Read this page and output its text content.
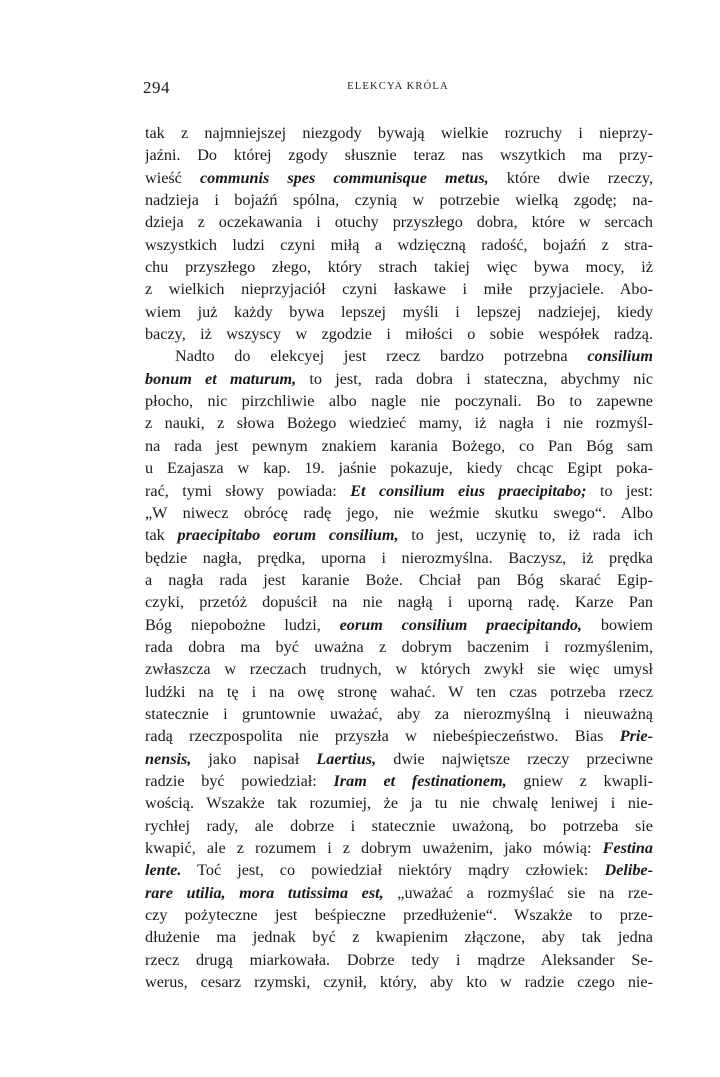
294	ELEKCYA KRÓLA
tak z najmniejszej niezgody bywają wielkie rozruchy i nieprzy-
jaźni. Do której zgody słusznie teraz nas wszytkich ma przy-
wieść communis spes communisque metus, które dwie rzeczy,
nadzieja i bojaźń spólna, czynią w potrzebie wielką zgodę; na-
dzieja z oczekawania i otuchy przyszłego dobra, które w sercach
wszystkich ludzi czyni miłą a wdzięczną radość, bojaźń z stra-
chu przyszłego złego, który strach takiej więc bywa mocy, iż
z wielkich nieprzyjaciół czyni łaskawe i miłe przyjaciele. Abo-
wiem już każdy bywa lepszej myśli i lepszej nadziejej, kiedy
baczy, iż wszyscy w zgodzie i miłości o sobie wespółek radzą.
Nadto do elekcyej jest rzecz bardzo potrzebna consilium
bonum et maturum, to jest, rada dobra i stateczna, abychmy nic
płocho, nic pirzchliwie albo nagle nie poczynali. Bo to zapewne
z nauki, z słowa Bożego wiedzieć mamy, iż nagła i nie rozmyśl-
na rada jest pewnym znakiem karania Bożego, co Pan Bóg sam
u Ezajasza w kap. 19. jaśnie pokazuje, kiedy chcąc Egipt poka-
rać, tymi słowy powiada: Et consilium eius praecipitabo; to jest:
„W niwecz obrócę radę jego, nie weźmie skutku swego“. Albo
tak praecipitabo eorum consilium, to jest, uczynię to, iż rada ich
będzie nagła, prędka, uporna i nierozmyślna. Baczysz, iż prędka
a nagła rada jest karanie Boże. Chciał pan Bóg skarać Egip-
czyki, przetóż dopuścił na nie nagłą i uporną radę. Karze Pan
Bóg niepobożne ludzi, eorum consilium praecipitando, bowiem
rada dobra ma być uważna z dobrym baczenim i rozmyślenim,
zwłaszcza w rzeczach trudnych, w których zwykł sie więc umysł
ludźki na tę i na owę stronę wahać. W ten czas potrzeba rzecz
statecznie i gruntownie uważać, aby za nierozmyślną i nieuważną
radą rzeczpospolita nie przyszła w niebeśpieczeństwo. Bias Prie-
nensis, jako napisał Laertius, dwie najwiętsze rzeczy przeciwne
radzie być powiedział: Iram et festinationem, gniew z kwapli-
wością. Wszakże tak rozumiej, że ja tu nie chwalę leniwej i nie-
rychłej rady, ale dobrze i statecznie uważoną, bo potrzeba sie
kwapić, ale z rozumem i z dobrym uważenim, jako mówią: Festina
lente. Toć jest, co powiedział niektóry mądry człowiek: Delibe-
rare utilia, mora tutissima est, „uważać a rozmyślać sie na rze-
czy pożyteczne jest beśpieczne przedłużenie“. Wszakże to prze-
dłużenie ma jednak być z kwapienim złączone, aby tak jedna
rzecz drugą miarkowała. Dobrze tedy i mądrze Aleksander Se-
werus, cesarz rzymski, czynił, który, aby kto w radzie czego nie-
